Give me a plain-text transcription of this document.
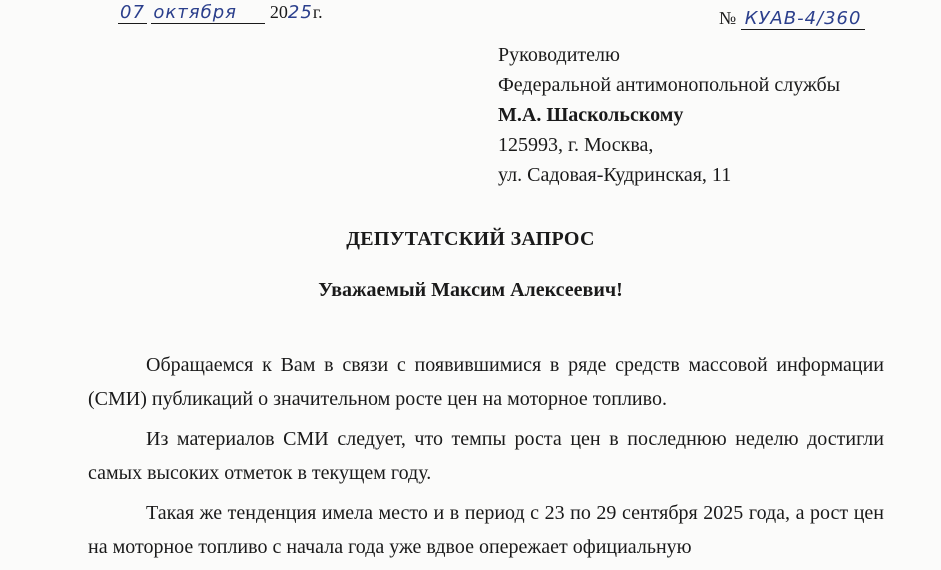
07 октября 2025г.	№ КУАВ-4/360
Руководителю
Федеральной антимонопольной службы
М.А. Шаскольскому
125993, г. Москва,
ул. Садовая-Кудринская, 11
ДЕПУТАТСКИЙ ЗАПРОС
Уважаемый Максим Алексеевич!

Обращаемся к Вам в связи с появившимися в ряде средств массовой информации (СМИ) публикаций о значительном росте цен на моторное топливо.

Из материалов СМИ следует, что темпы роста цен в последнюю неделю достигли самых высоких отметок в текущем году.

Такая же тенденция имела место и в период с 23 по 29 сентября 2025 года, а рост цен на моторное топливо с начала года уже вдвое опережает официальную
